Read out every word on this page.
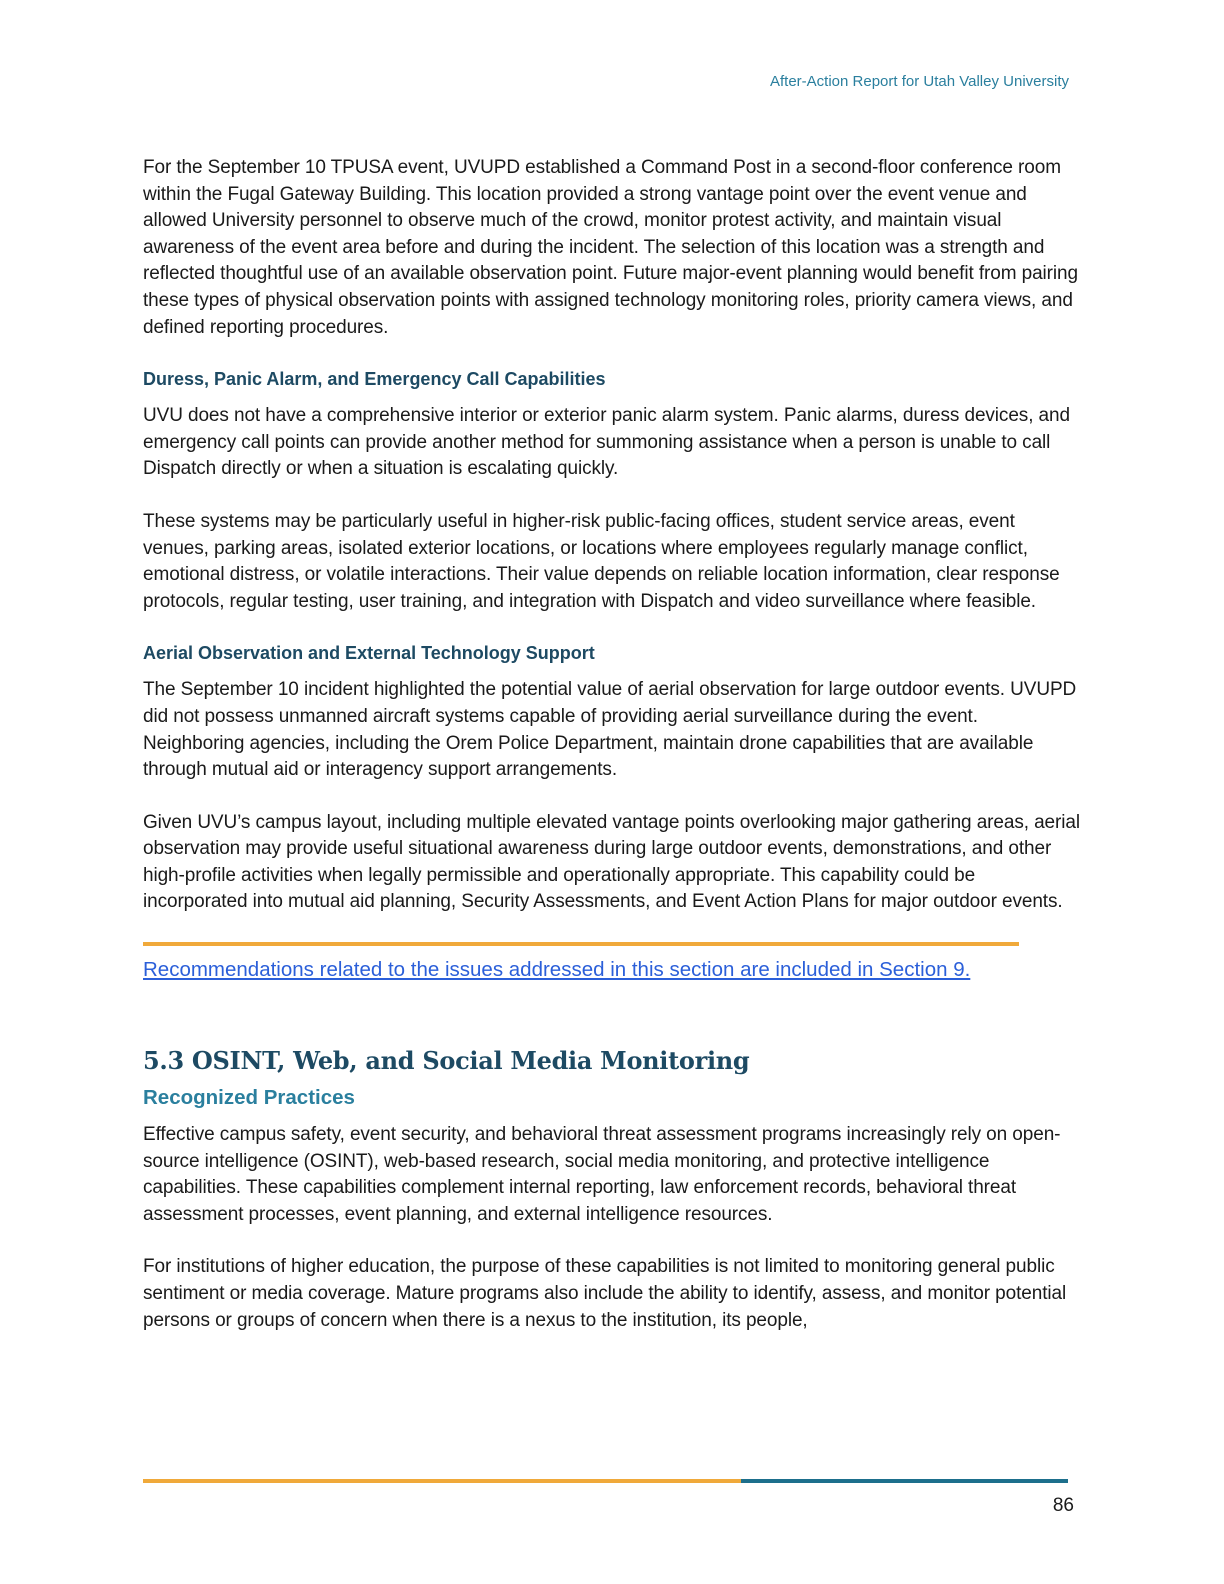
After-Action Report for Utah Valley University

For the September 10 TPUSA event, UVUPD established a Command Post in a second-floor conference room within the Fugal Gateway Building. This location provided a strong vantage point over the event venue and allowed University personnel to observe much of the crowd, monitor protest activity, and maintain visual awareness of the event area before and during the incident. The selection of this location was a strength and reflected thoughtful use of an available observation point. Future major-event planning would benefit from pairing these types of physical observation points with assigned technology monitoring roles, priority camera views, and defined reporting procedures.

Duress, Panic Alarm, and Emergency Call Capabilities

UVU does not have a comprehensive interior or exterior panic alarm system. Panic alarms, duress devices, and emergency call points can provide another method for summoning assistance when a person is unable to call Dispatch directly or when a situation is escalating quickly.

These systems may be particularly useful in higher-risk public-facing offices, student service areas, event venues, parking areas, isolated exterior locations, or locations where employees regularly manage conflict, emotional distress, or volatile interactions. Their value depends on reliable location information, clear response protocols, regular testing, user training, and integration with Dispatch and video surveillance where feasible.

Aerial Observation and External Technology Support

The September 10 incident highlighted the potential value of aerial observation for large outdoor events. UVUPD did not possess unmanned aircraft systems capable of providing aerial surveillance during the event. Neighboring agencies, including the Orem Police Department, maintain drone capabilities that are available through mutual aid or interagency support arrangements.

Given UVU’s campus layout, including multiple elevated vantage points overlooking major gathering areas, aerial observation may provide useful situational awareness during large outdoor events, demonstrations, and other high-profile activities when legally permissible and operationally appropriate. This capability could be incorporated into mutual aid planning, Security Assessments, and Event Action Plans for major outdoor events.

Recommendations related to the issues addressed in this section are included in Section 9.
5.3 OSINT, Web, and Social Media Monitoring
Recognized Practices

Effective campus safety, event security, and behavioral threat assessment programs increasingly rely on open-source intelligence (OSINT), web-based research, social media monitoring, and protective intelligence capabilities. These capabilities complement internal reporting, law enforcement records, behavioral threat assessment processes, event planning, and external intelligence resources.

For institutions of higher education, the purpose of these capabilities is not limited to monitoring general public sentiment or media coverage. Mature programs also include the ability to identify, assess, and monitor potential persons or groups of concern when there is a nexus to the institution, its people,

86
